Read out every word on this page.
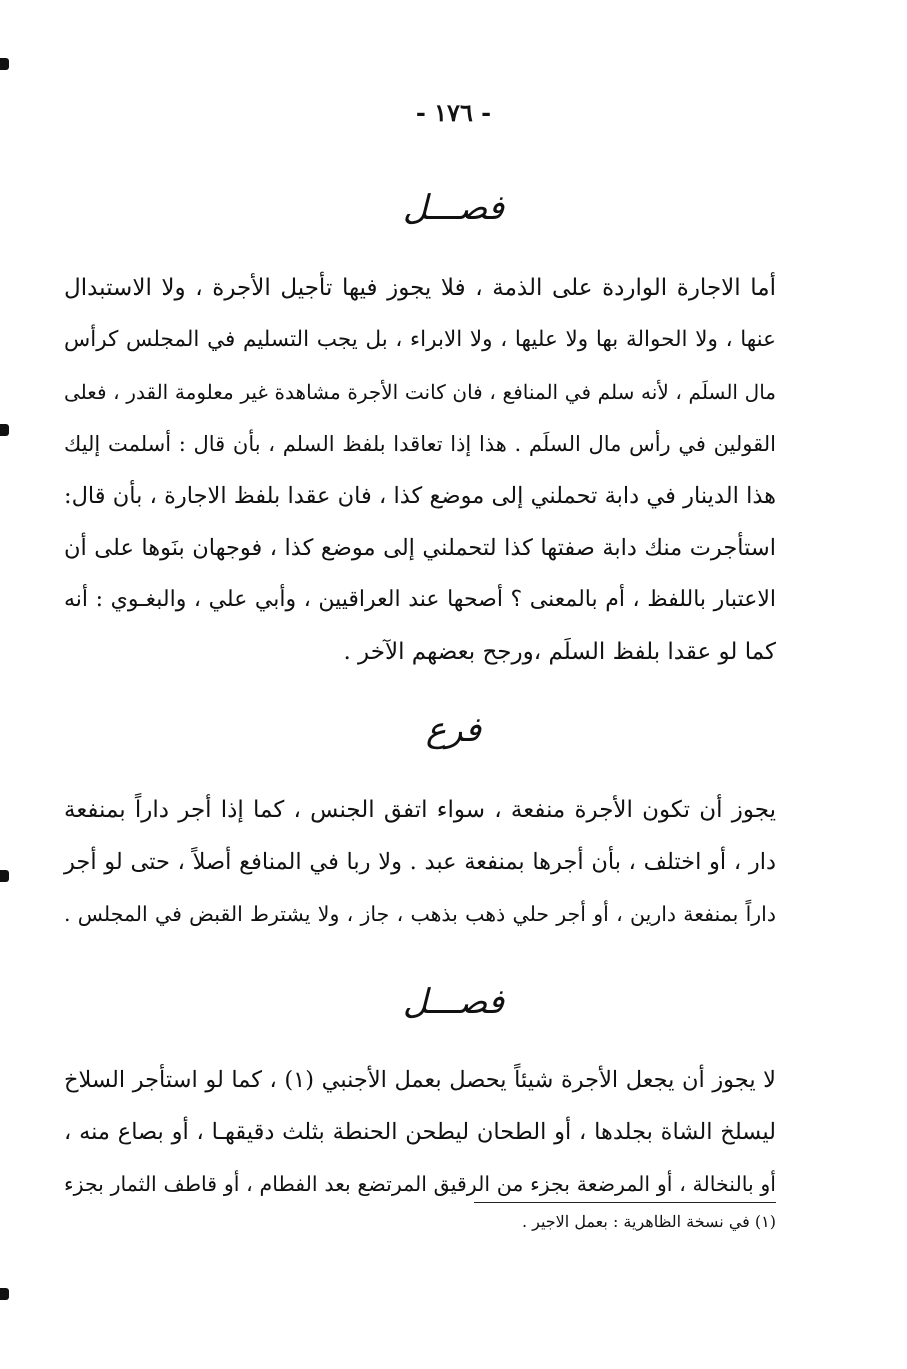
- ١٧٦ -
فصـــل
أما الاجارة الواردة على الذمة ، فلا يجوز فيها تأجيل الأجرة ، ولا الاستبدال
عنها ، ولا الحوالة بها ولا عليها ، ولا الابراء ، بل يجب التسليم في المجلس كرأس
مال السلَم ، لأنه سلم في المنافع ، فان كانت الأجرة مشاهدة غير معلومة القدر ، فعلى
القولين في رأس مال السلَم . هذا إذا تعاقدا بلفظ السلم ، بأن قال : أسلمت إليك
هذا الدينار في دابة تحملني إلى موضع كذا ، فان عقدا بلفظ الاجارة ، بأن قال:
استأجرت منك دابة صفتها كذا لتحملني إلى موضع كذا ، فوجهان بنَوها على أن
الاعتبار باللفظ ، أم بالمعنى ؟ أصحها عند العراقيين ، وأبي علي ، والبغـوي : أنه
كما لو عقدا بلفظ السلَم ،ورجح بعضهم الآخر .
فرع
يجوز أن تكون الأجرة منفعة ، سواء اتفق الجنس ، كما إذا أجر داراً بمنفعة
دار ، أو اختلف ، بأن أجرها بمنفعة عبد . ولا ربا في المنافع أصلاً ، حتى لو أجر
داراً بمنفعة دارين ، أو أجر حلي ذهب بذهب ، جاز ، ولا يشترط القبض في المجلس .
فصـــل
لا يجوز أن يجعل الأجرة شيئاً يحصل بعمل الأجنبي (١) ، كما لو استأجر السلاخ
ليسلخ الشاة بجلدها ، أو الطحان ليطحن الحنطة بثلث دقيقهـا ، أو بصاع منه ،
أو بالنخالة ، أو المرضعة بجزء من الرقيق المرتضع بعد الفطام ، أو قاطف الثمار بجزء
(١) في نسخة الظاهرية : بعمل الاجير .
